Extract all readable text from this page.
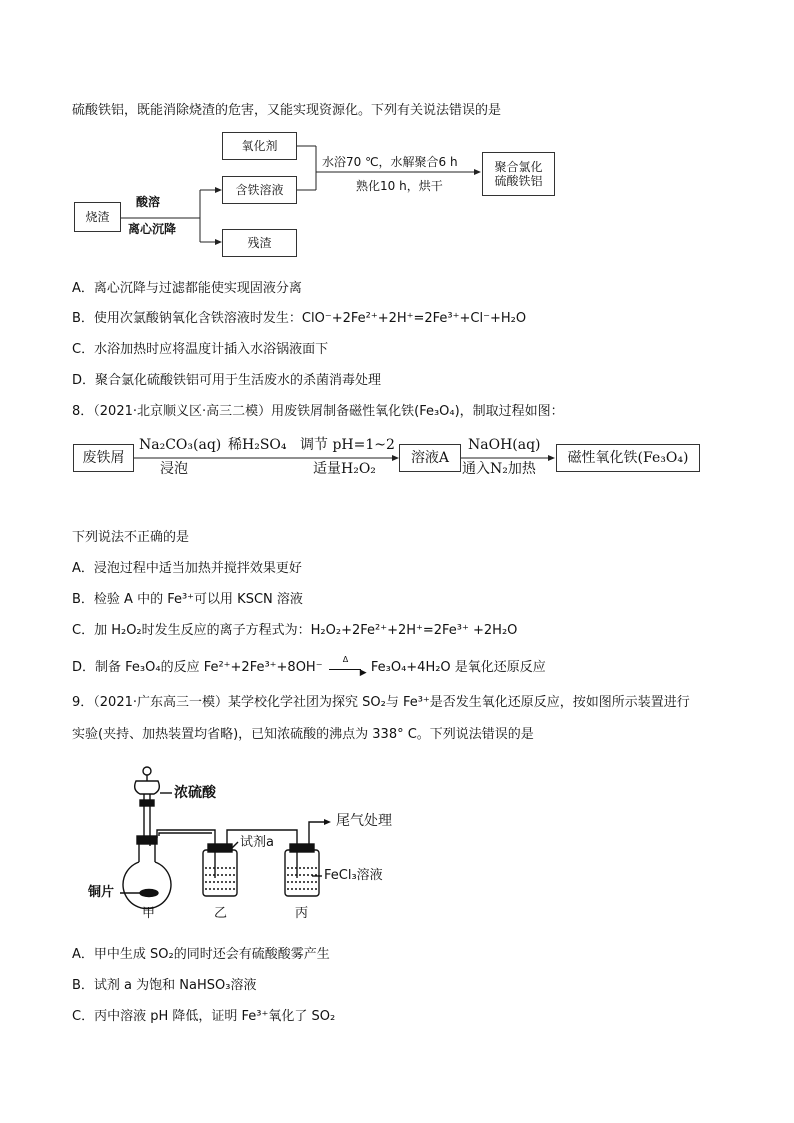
硫酸铁铝，既能消除烧渣的危害，又能实现资源化。下列有关说法错误的是
烧渣
酸溶
离心沉降
氧化剂
含铁溶液
残渣
水浴70 ℃，水解聚合6 h
熟化10 h，烘干
聚合氯化
硫酸铁铝
A．离心沉降与过滤都能使实现固液分离
B．使用次氯酸钠氧化含铁溶液时发生：ClO⁻+2Fe²⁺+2H⁺=2Fe³⁺+Cl⁻+H₂O
C．水浴加热时应将温度计插入水浴锅液面下
D．聚合氯化硫酸铁铝可用于生活废水的杀菌消毒处理
8．（2021·北京顺义区·高三二模）用废铁屑制备磁性氧化铁(Fe₃O₄)，制取过程如图：
废铁屑
Na₂CO₃(aq)
浸泡
稀H₂SO₄ 调节 pH=1~2
适量H₂O₂
溶液A
NaOH(aq)
通入N₂加热
磁性氧化铁(Fe₃O₄)
下列说法不正确的是
A．浸泡过程中适当加热并搅拌效果更好
B．检验 A 中的 Fe³⁺可以用 KSCN 溶液
C．加 H₂O₂时发生反应的离子方程式为：H₂O₂+2Fe²⁺+2H⁺=2Fe³⁺ +2H₂O
D．制备 Fe₃O₄的反应 Fe²⁺+2Fe³⁺+8OH⁻
Δ
▶ Fe₃O₄+4H₂O 是氧化还原反应
9．（2021·广东高三一模）某学校化学社团为探究 SO₂与 Fe³⁺是否发生氧化还原反应，按如图所示装置进行
实验(夹持、加热装置均省略)，已知浓硫酸的沸点为 338° C。下列说法错误的是
浓硫酸
尾气处理
试剂a
FeCl₃溶液
铜片
甲	乙	丙
A．甲中生成 SO₂的同时还会有硫酸酸雾产生
B．试剂 a 为饱和 NaHSO₃溶液
C．丙中溶液 pH 降低，证明 Fe³⁺氧化了 SO₂
